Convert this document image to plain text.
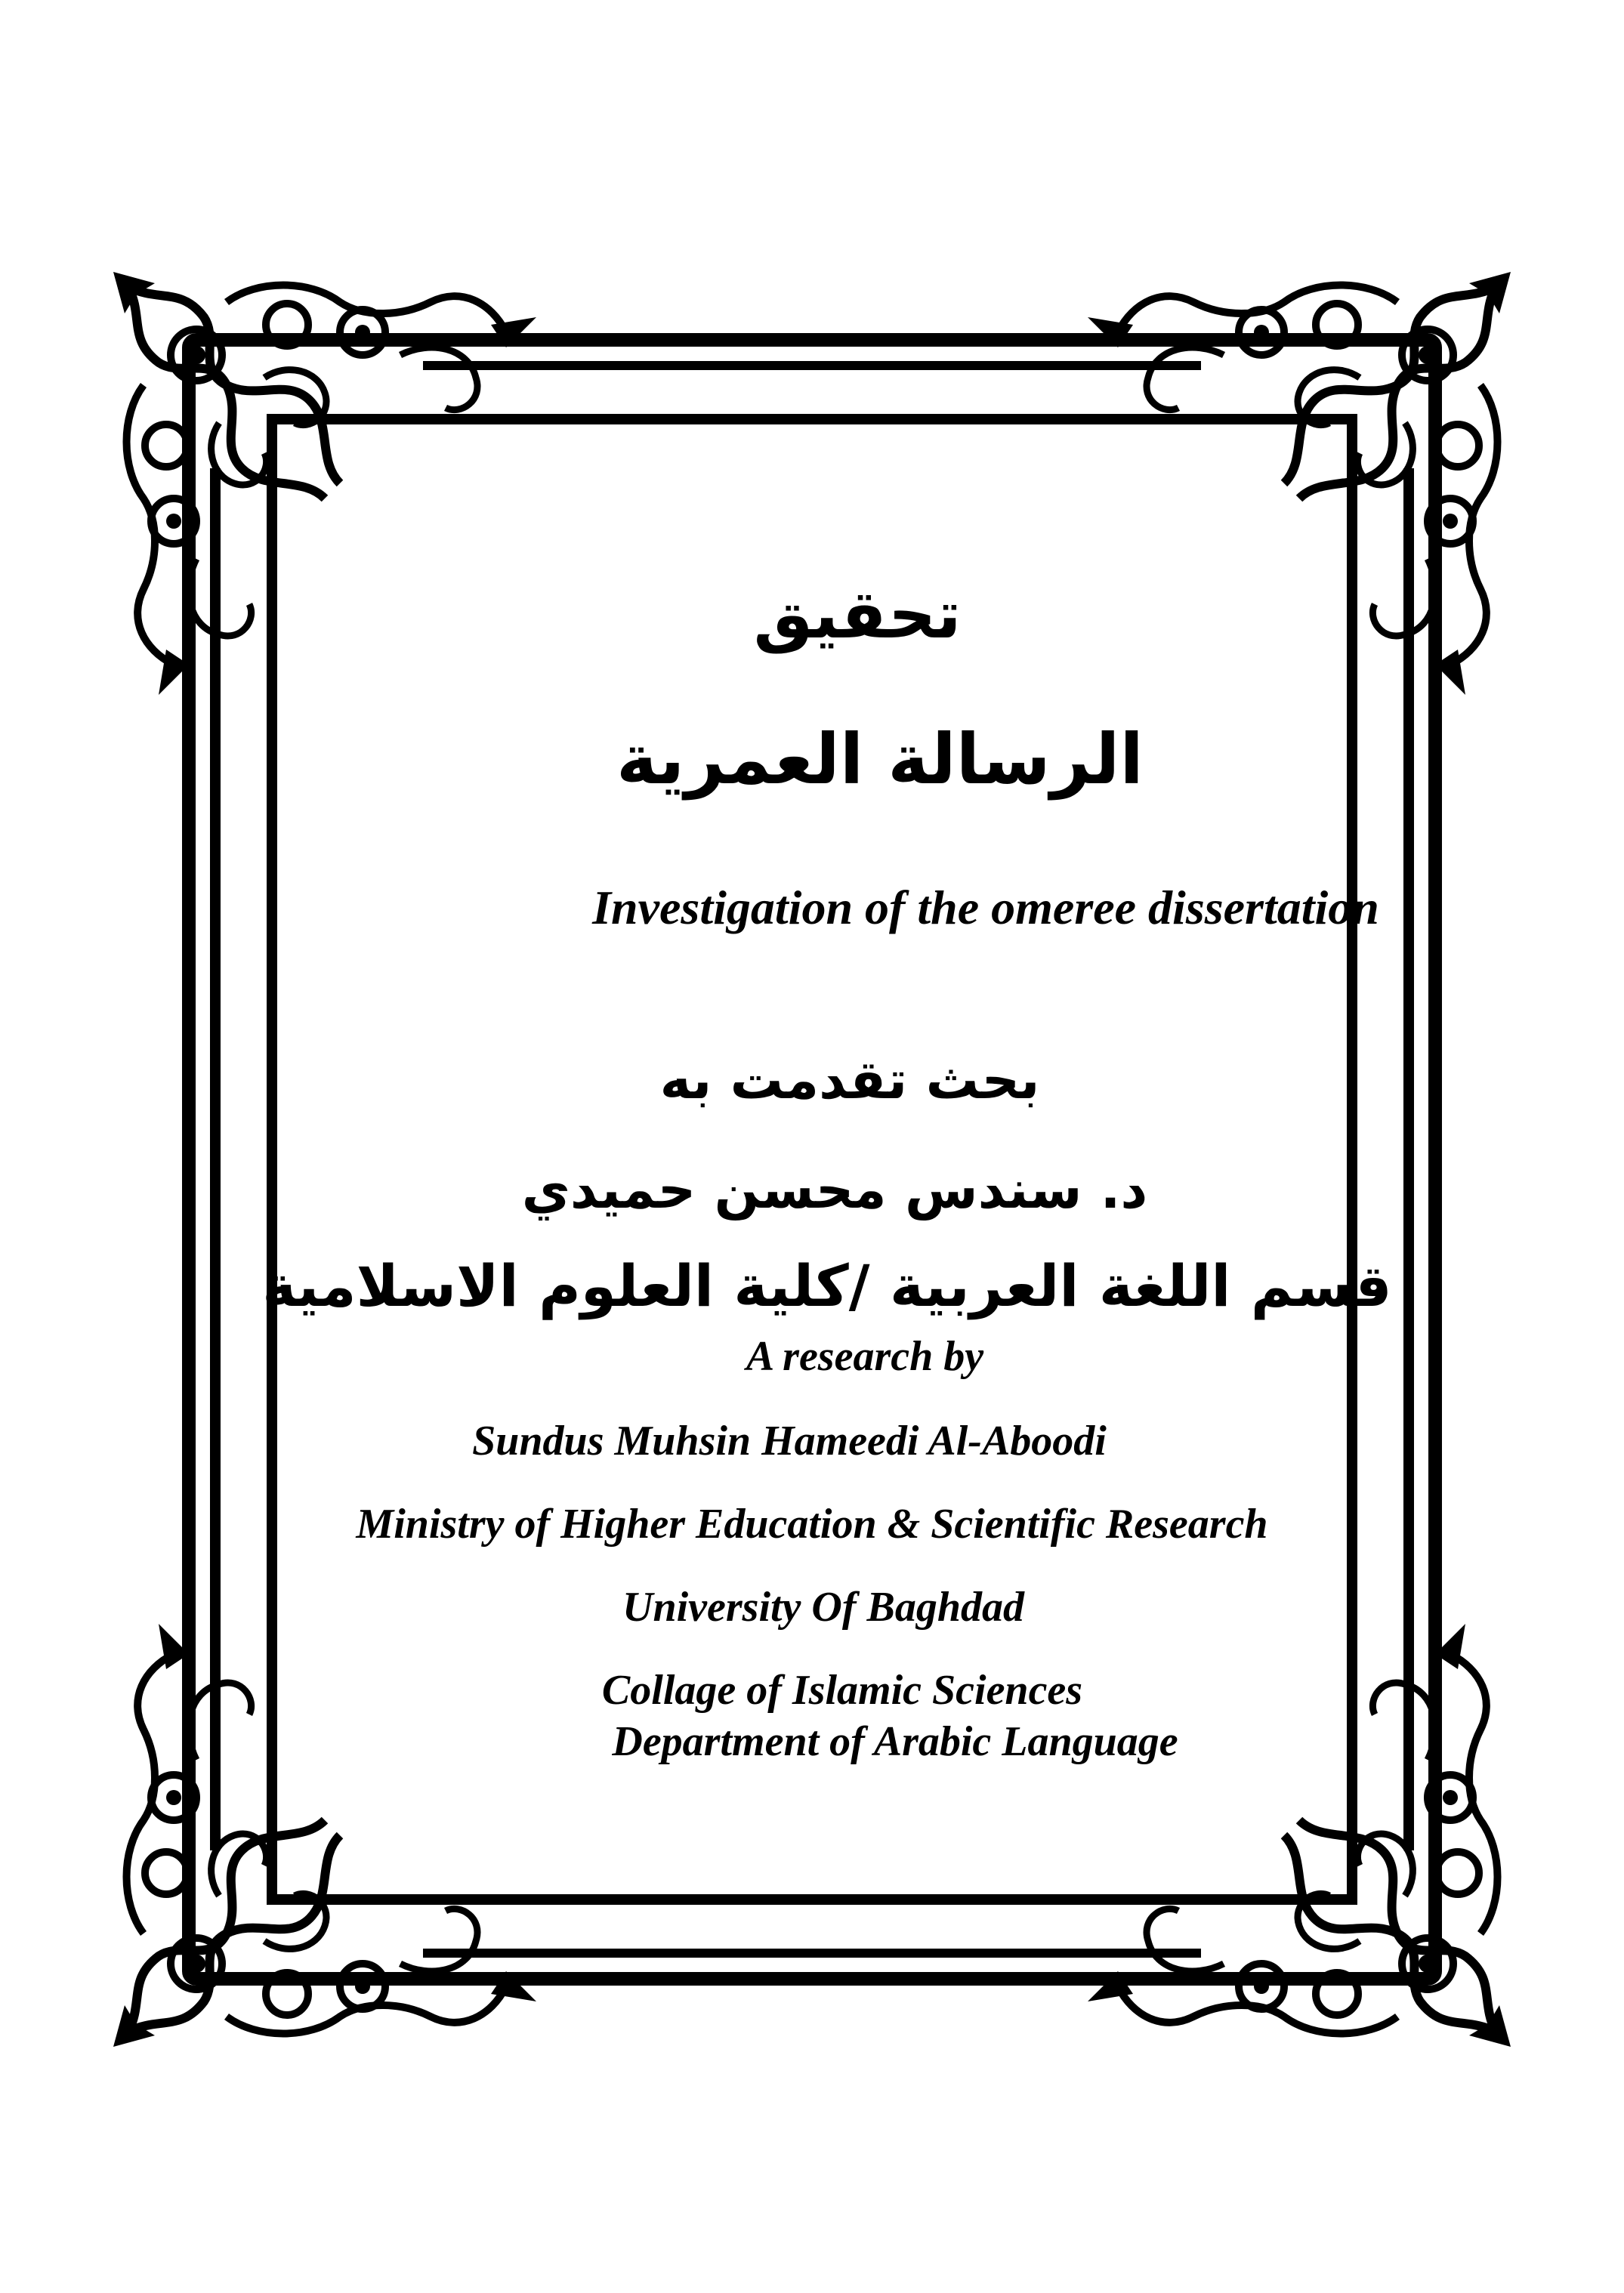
تحقيق
الرسالة العمرية
Investigation of the omeree dissertation
بحث تقدمت به
د. سندس محسن حميدي
قسم اللغة العربية /كلية العلوم الاسلامية
A research by
Sundus Muhsin Hameedi Al-Aboodi
Ministry of Higher Education & Scientific Research
University Of Baghdad
Collage of Islamic Sciences
Department of Arabic Language
